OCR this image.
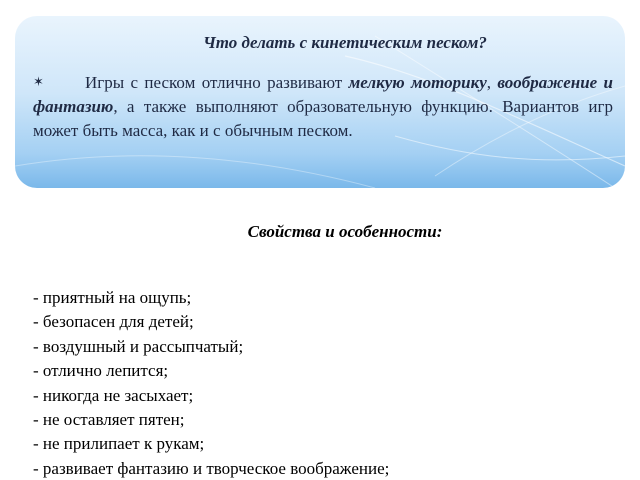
Что делать с кинетическим песком?
✶ Игры с песком отлично развивают мелкую моторику, воображение и фантазию, а также выполняют образовательную функцию. Вариантов игр может быть масса, как и с обычным песком.
Свойства и особенности:
- приятный на ощупь;
- безопасен для детей;
- воздушный и рассыпчатый;
- отлично лепится;
- никогда не засыхает;
- не оставляет пятен;
- не прилипает к рукам;
- развивает фантазию и творческое воображение;
